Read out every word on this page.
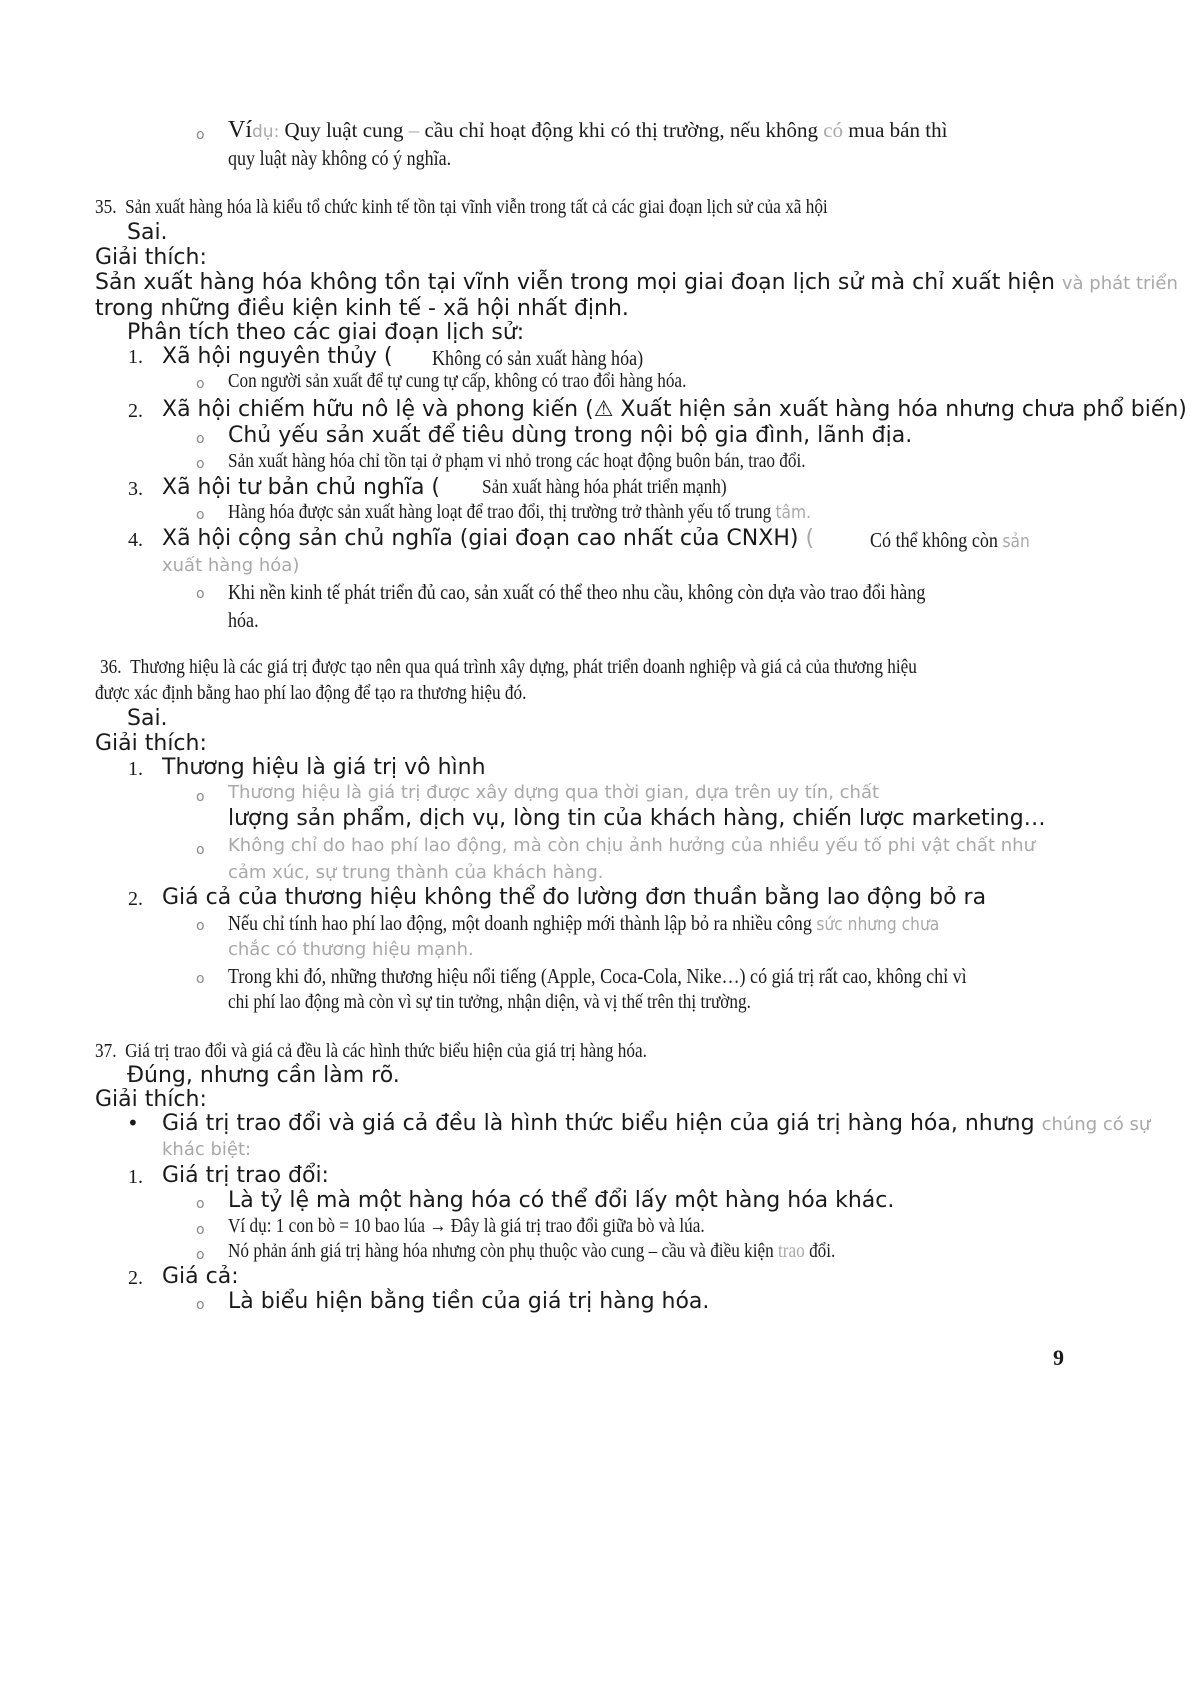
o Vídụ: Quy luật cung – cầu chỉ hoạt động khi có thị trường, nếu không có mua bán thì
quy luật này không có ý nghĩa.
35. Sản xuất hàng hóa là kiểu tổ chức kinh tế tồn tại vĩnh viễn trong tất cả các giai đoạn lịch sử của xã hội
Sai.
Giải thích:
Sản xuất hàng hóa không tồn tại vĩnh viễn trong mọi giai đoạn lịch sử mà chỉ xuất hiện và phát triển
trong những điều kiện kinh tế - xã hội nhất định.
Phân tích theo các giai đoạn lịch sử:
1. Xã hội nguyên thủy ( Không có sản xuất hàng hóa)
o Con người sản xuất để tự cung tự cấp, không có trao đổi hàng hóa.
2. Xã hội chiếm hữu nô lệ và phong kiến (⚠ Xuất hiện sản xuất hàng hóa nhưng chưa phổ biến)
o Chủ yếu sản xuất để tiêu dùng trong nội bộ gia đình, lãnh địa.
o Sản xuất hàng hóa chỉ tồn tại ở phạm vi nhỏ trong các hoạt động buôn bán, trao đổi.
3. Xã hội tư bản chủ nghĩa ( Sản xuất hàng hóa phát triển mạnh)
o Hàng hóa được sản xuất hàng loạt để trao đổi, thị trường trở thành yếu tố trung tâm.
4. Xã hội cộng sản chủ nghĩa (giai đoạn cao nhất của CNXH) (	Có thể không còn sản
xuất hàng hóa)
o Khi nền kinh tế phát triển đủ cao, sản xuất có thể theo nhu cầu, không còn dựa vào trao đổi hàng
hóa.
36. Thương hiệu là các giá trị được tạo nên qua quá trình xây dựng, phát triển doanh nghiệp và giá cả của thương hiệu
được xác định bằng hao phí lao động để tạo ra thương hiệu đó.
Sai.
Giải thích:
1. Thương hiệu là giá trị vô hình
o Thương hiệu là giá trị được xây dựng qua thời gian, dựa trên uy tín, chất
lượng sản phẩm, dịch vụ, lòng tin của khách hàng, chiến lược marketing…
o Không chỉ do hao phí lao động, mà còn chịu ảnh hưởng của nhiều yếu tố phi vật chất như
cảm xúc, sự trung thành của khách hàng.
2. Giá cả của thương hiệu không thể đo lường đơn thuần bằng lao động bỏ ra
o Nếu chỉ tính hao phí lao động, một doanh nghiệp mới thành lập bỏ ra nhiều công sức nhưng chưa
chắc có thương hiệu mạnh.
o Trong khi đó, những thương hiệu nổi tiếng (Apple, Coca-Cola, Nike…) có giá trị rất cao, không chỉ vì
chi phí lao động mà còn vì sự tin tưởng, nhận diện, và vị thế trên thị trường.
37. Giá trị trao đổi và giá cả đều là các hình thức biểu hiện của giá trị hàng hóa.
Đúng, nhưng cần làm rõ.
Giải thích:
• Giá trị trao đổi và giá cả đều là hình thức biểu hiện của giá trị hàng hóa, nhưng chúng có sự
khác biệt:
1. Giá trị trao đổi:
o Là tỷ lệ mà một hàng hóa có thể đổi lấy một hàng hóa khác.
o Ví dụ: 1 con bò = 10 bao lúa → Đây là giá trị trao đổi giữa bò và lúa.
o Nó phản ánh giá trị hàng hóa nhưng còn phụ thuộc vào cung – cầu và điều kiện trao đổi.
2. Giá cả:
o Là biểu hiện bằng tiền của giá trị hàng hóa.
9
